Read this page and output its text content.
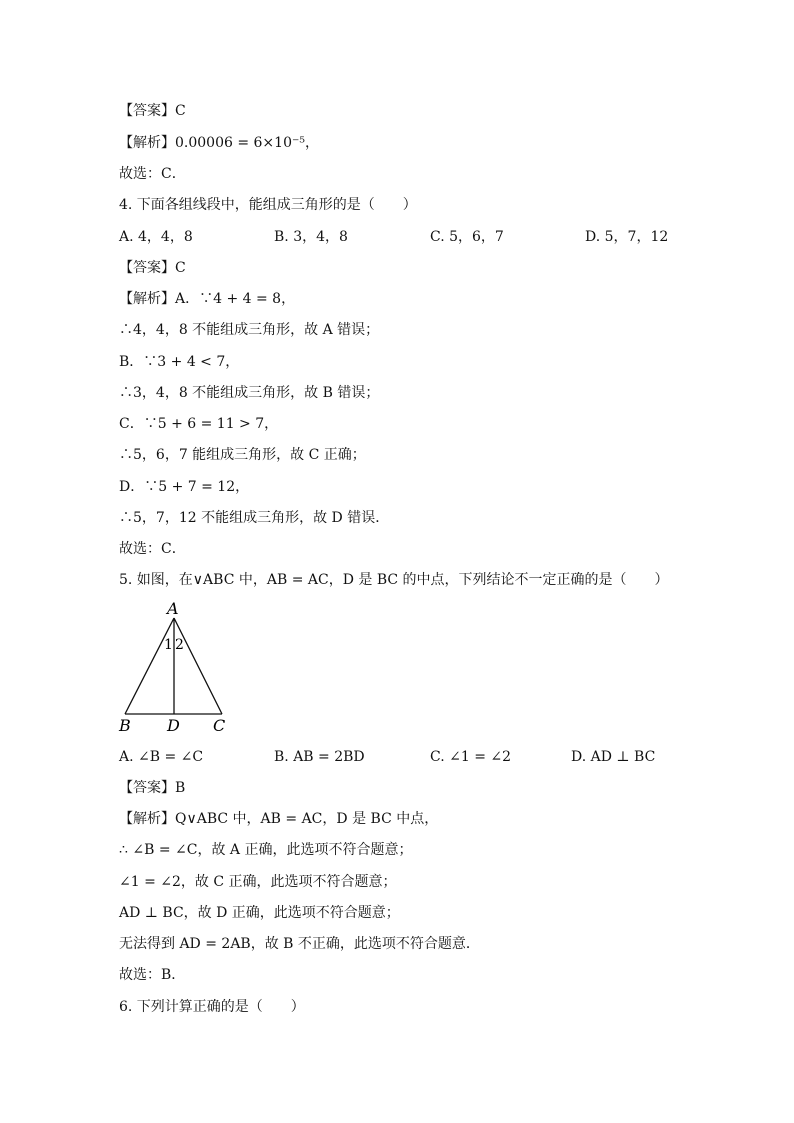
【答案】C
【解析】0.00006 = 6×10⁻⁵，
故选：C．
4. 下面各组线段中，能组成三角形的是（　　）
A. 4，4，8	B. 3，4，8	C. 5，6，7	D. 5，7，12
【答案】C
【解析】A．∵4 + 4 = 8，
∴4，4，8 不能组成三角形，故 A 错误；
B．∵3 + 4 < 7，
∴3，4，8 不能组成三角形，故 B 错误；
C．∵5 + 6 = 11 > 7，
∴5，6，7 能组成三角形，故 C 正确；
D．∵5 + 7 = 12，
∴5，7，12 不能组成三角形，故 D 错误．
故选：C．
5. 如图，在∨ABC 中，AB = AC，D 是 BC 的中点，下列结论不一定正确的是（　　）
A
1 2
B D C
A. ∠B = ∠C	B. AB = 2BD	C. ∠1 = ∠2	D. AD ⊥ BC
【答案】B
【解析】Q∨ABC 中，AB = AC，D 是 BC 中点，
∴ ∠B = ∠C，故 A 正确，此选项不符合题意；
∠1 = ∠2，故 C 正确，此选项不符合题意；
AD ⊥ BC，故 D 正确，此选项不符合题意；
无法得到 AD = 2AB，故 B 不正确，此选项不符合题意．
故选：B．
6. 下列计算正确的是（　　）
